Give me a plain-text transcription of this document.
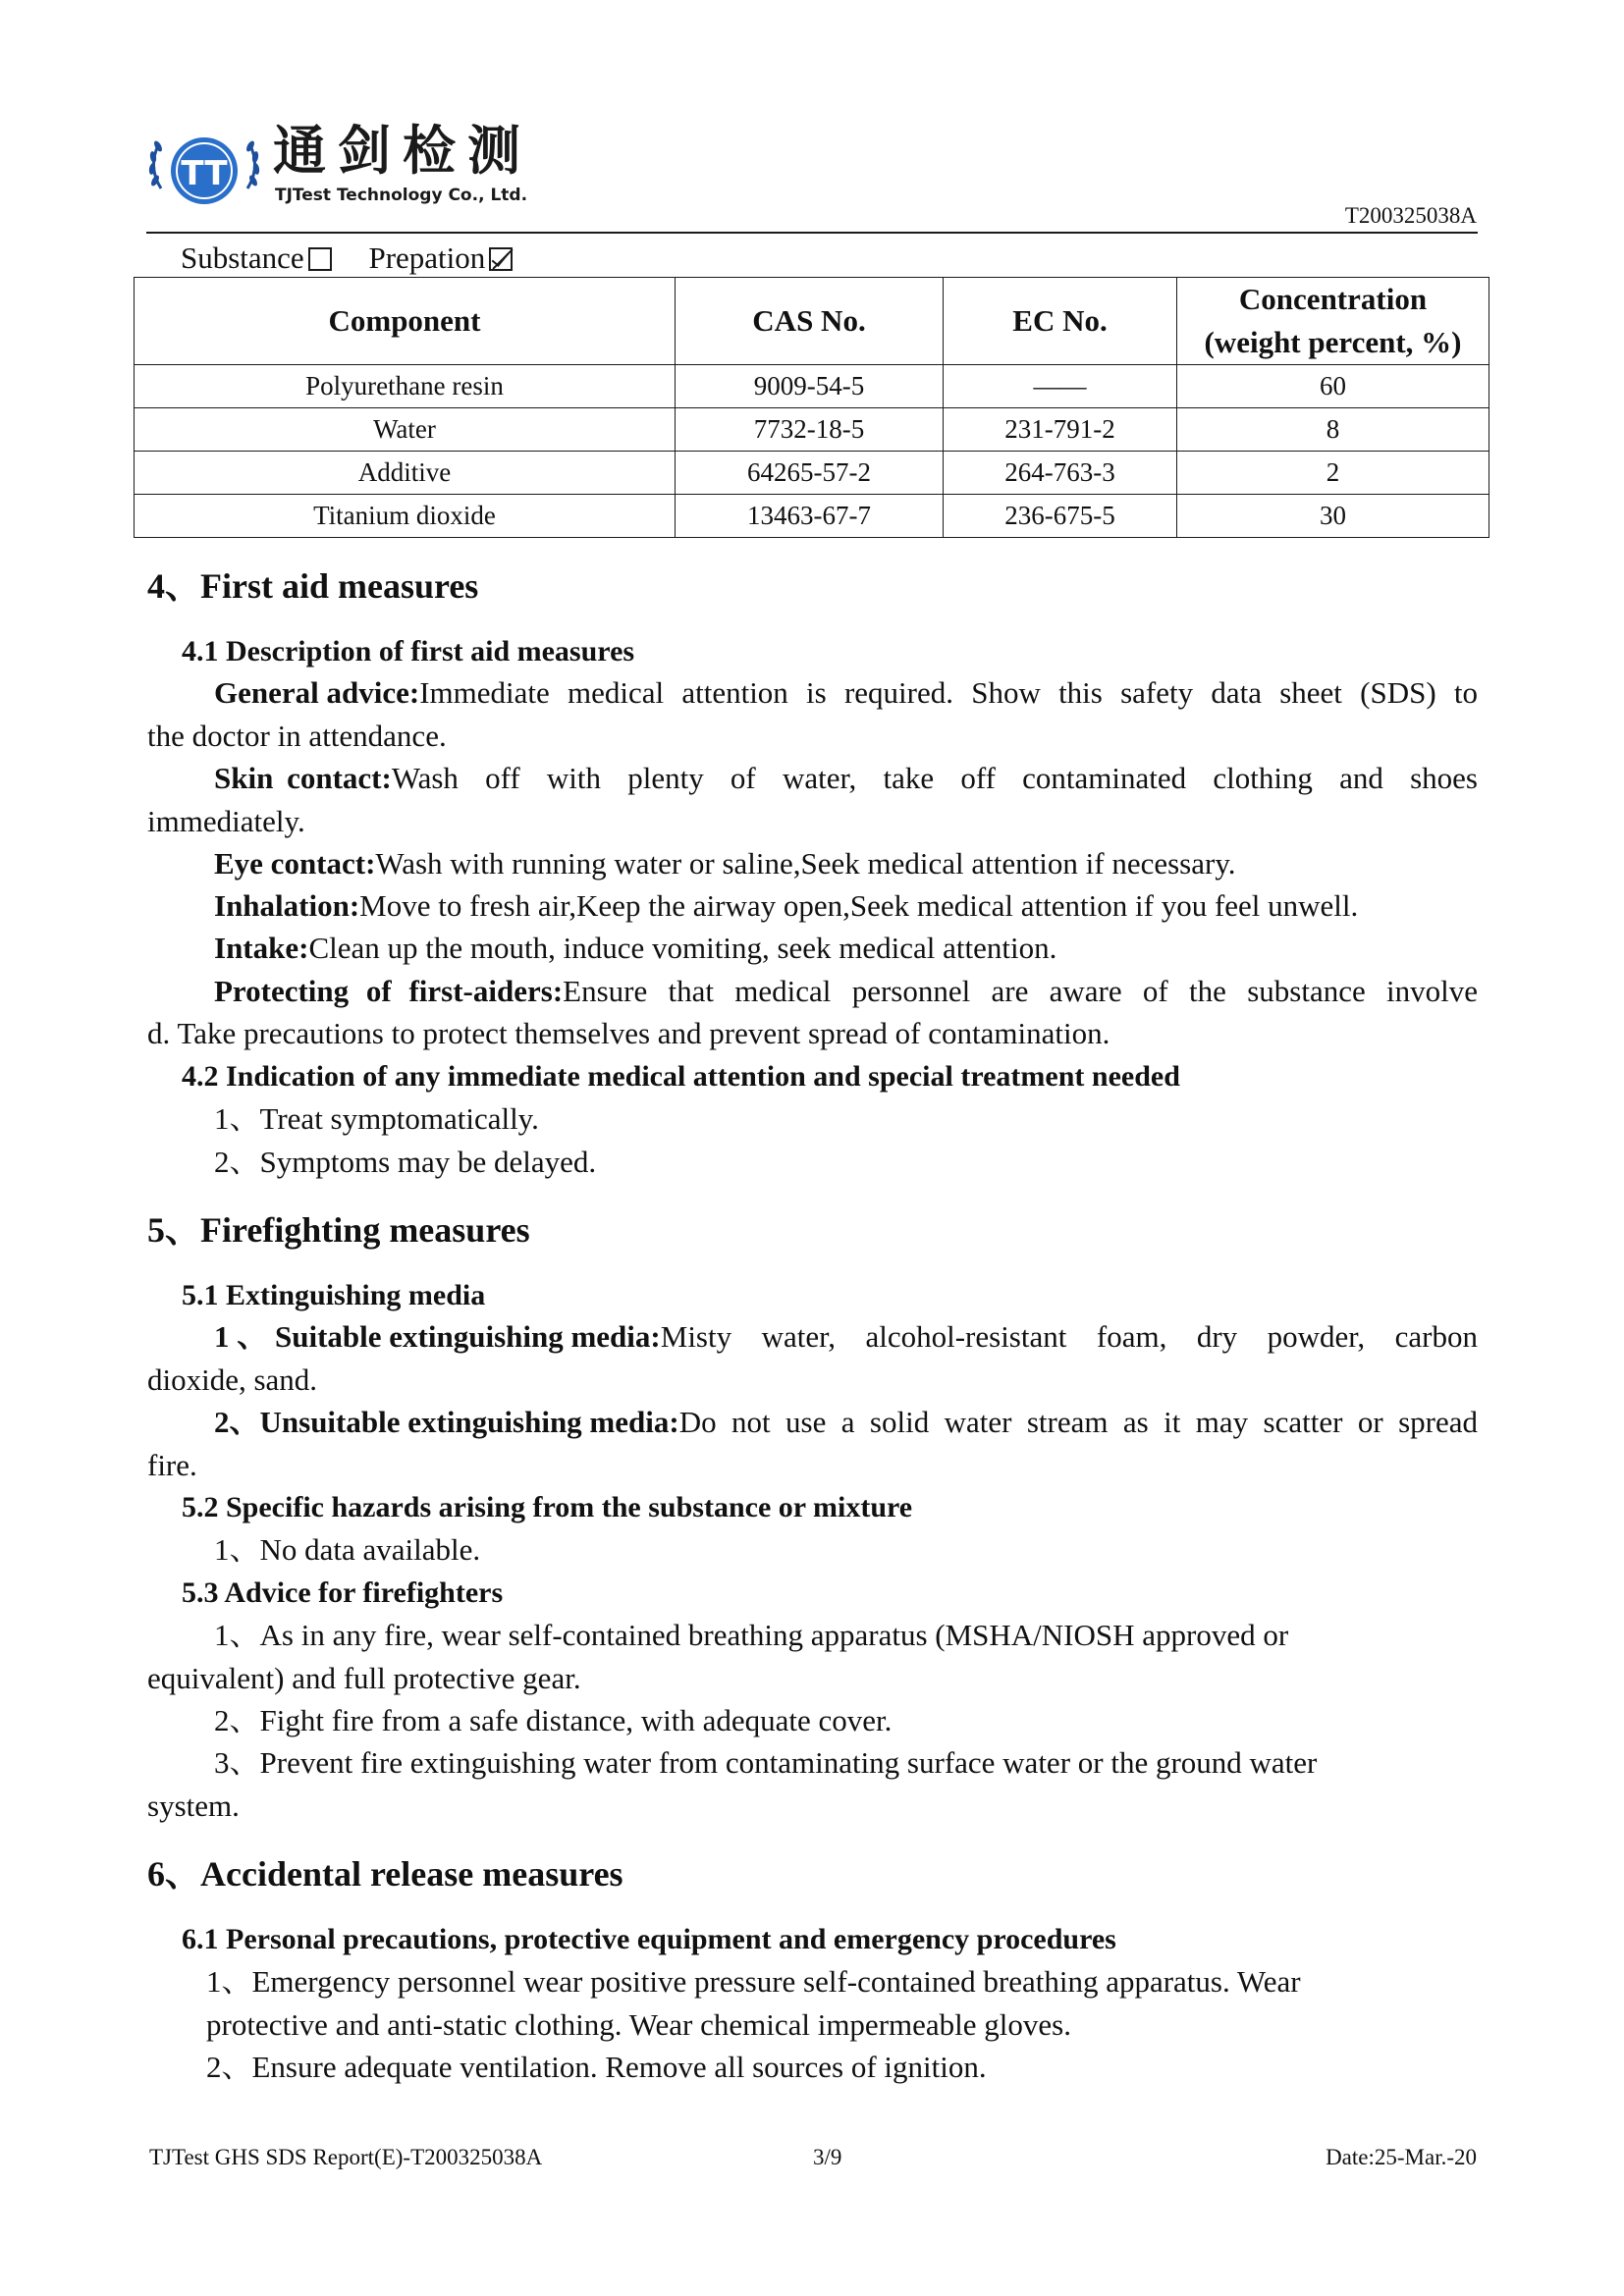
TT 通剑检测
TJTest Technology Co., Ltd.
T200325038A
Substance Prepation
Component	CAS No.	EC No.	Concentration
(weight percent, %)
Polyurethane resin	9009-54-5	——	60
Water	7732-18-5	231-791-2	8
Additive	64265-57-2	264-763-3	2
Titanium dioxide	13463-67-7	236-675-5	30
4、First aid measures
4.1 Description of first aid measures
General advice: Immediate medical attention is required. Show this safety data sheet (SDS) to
the doctor in attendance.
Skin contact: Wash off with plenty of water, take off contaminated clothing and shoes
immediately.
Eye contact:Wash with running water or saline,Seek medical attention if necessary.
Inhalation:Move to fresh air,Keep the airway open,Seek medical attention if you feel unwell.
Intake:Clean up the mouth, induce vomiting, seek medical attention.
Protecting of first-aiders: Ensure that medical personnel are aware of the substance involve
d. Take precautions to protect themselves and prevent spread of contamination.
4.2 Indication of any immediate medical attention and special treatment needed
1、Treat symptomatically.
2、Symptoms may be delayed.
5、Firefighting measures
5.1 Extinguishing media
1 、 Suitable extinguishing media: Misty water, alcohol-resistant foam, dry powder, carbon
dioxide, sand.
2、Unsuitable extinguishing media: Do not use a solid water stream as it may scatter or spread
fire.
5.2 Specific hazards arising from the substance or mixture
1、No data available.
5.3 Advice for firefighters
1、As in any fire, wear self-contained breathing apparatus (MSHA/NIOSH approved or
equivalent) and full protective gear.
2、Fight fire from a safe distance, with adequate cover.
3、Prevent fire extinguishing water from contaminating surface water or the ground water
system.
6、Accidental release measures
6.1 Personal precautions, protective equipment and emergency procedures
1、Emergency personnel wear positive pressure self-contained breathing apparatus. Wear
protective and anti-static clothing. Wear chemical impermeable gloves.
2、Ensure adequate ventilation. Remove all sources of ignition.
TJTest GHS SDS Report(E)-T200325038A	3/9	Date:25-Mar.-20
